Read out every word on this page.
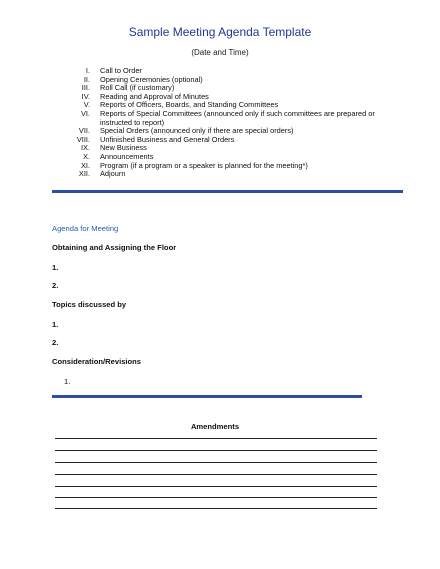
Sample Meeting Agenda Template
(Date and Time)
I.	Call to Order
II.	Opening Ceremonies (optional)
III.	Roll Call (if customary)
IV.	Reading and Approval of Minutes
V.	Reports of Officers, Boards, and Standing Committees
VI.	Reports of Special Committees (announced only if such committees are prepared or instructed to report)
VII.	Special Orders (announced only if there are special orders)
VIII.	Unfinished Business and General Orders
IX.	New Business
X.	Announcements
XI.	Program (if a program or a speaker is planned for the meeting*)
XII.	Adjourn
Agenda for Meeting
Obtaining and Assigning the Floor
1.
2.
Topics discussed by
1.
2.
Consideration/Revisions
1.
Amendments
